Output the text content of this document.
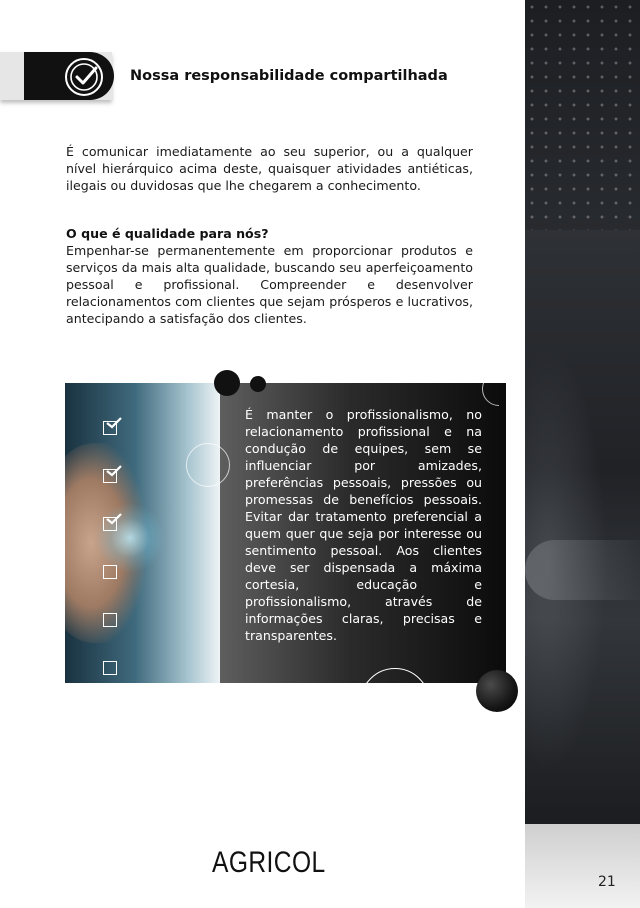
21
Nossa responsabilidade compartilhada
É comunicar imediatamente ao seu superior, ou a qualquer nível hierárquico acima deste, quaisquer atividades antiéticas, ilegais ou duvidosas que lhe chegarem a conhecimento.
O que é qualidade para nós?
Empenhar-se permanentemente em proporcionar produtos e serviços da mais alta qualidade, buscando seu aperfeiçoamento pessoal e profissional. Compreender e desenvolver relacionamentos com clientes que sejam prósperos e lucrativos, antecipando a satisfação dos clientes.
É manter o profissionalismo, no relacionamento profissional e na condução de equipes, sem se influenciar por amizades, preferências pessoais, pressões ou promessas de benefícios pessoais. Evitar dar tratamento preferencial a quem quer que seja por interesse ou sentimento pessoal. Aos clientes deve ser dispensada a máxima cortesia, educação e profissionalismo, através de informações claras, precisas e transparentes.
AGRICOL
